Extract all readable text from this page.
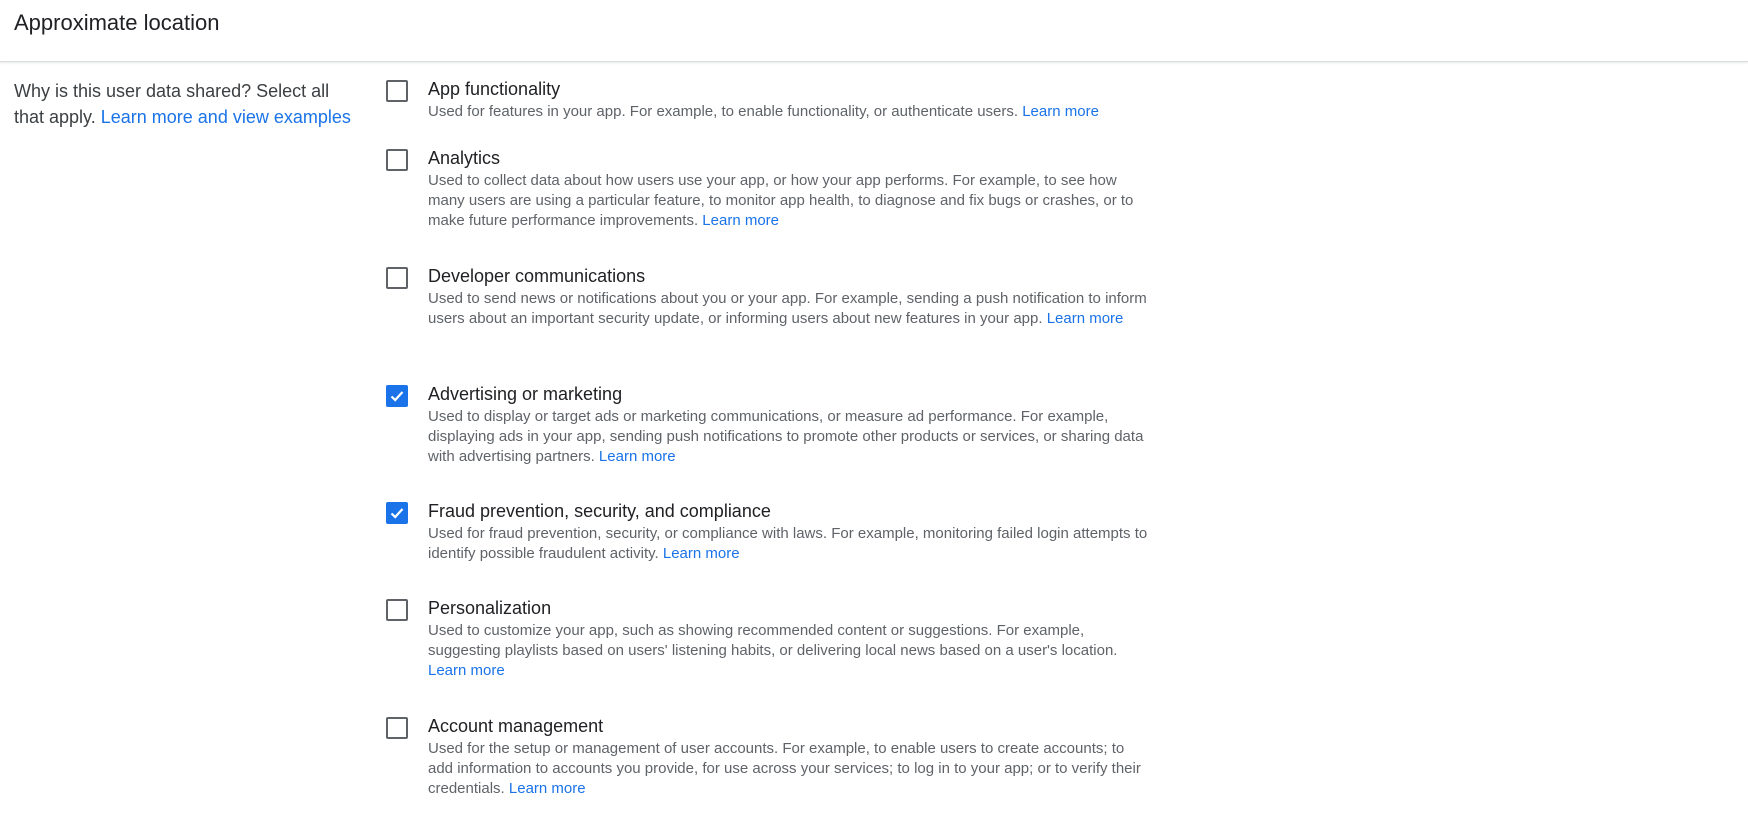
Approximate location
Why is this user data shared? Select all that apply. Learn more and view examples
App functionality
Used for features in your app. For example, to enable functionality, or authenticate users. Learn more
Analytics
Used to collect data about how users use your app, or how your app performs. For example, to see how many users are using a particular feature, to monitor app health, to diagnose and fix bugs or crashes, or to make future performance improvements. Learn more
Developer communications
Used to send news or notifications about you or your app. For example, sending a push notification to inform users about an important security update, or informing users about new features in your app. Learn more
Advertising or marketing
Used to display or target ads or marketing communications, or measure ad performance. For example, displaying ads in your app, sending push notifications to promote other products or services, or sharing data with advertising partners. Learn more
Fraud prevention, security, and compliance
Used for fraud prevention, security, or compliance with laws. For example, monitoring failed login attempts to identify possible fraudulent activity. Learn more
Personalization
Used to customize your app, such as showing recommended content or suggestions. For example, suggesting playlists based on users' listening habits, or delivering local news based on a user's location. Learn more
Account management
Used for the setup or management of user accounts. For example, to enable users to create accounts; to add information to accounts you provide, for use across your services; to log in to your app; or to verify their credentials. Learn more
